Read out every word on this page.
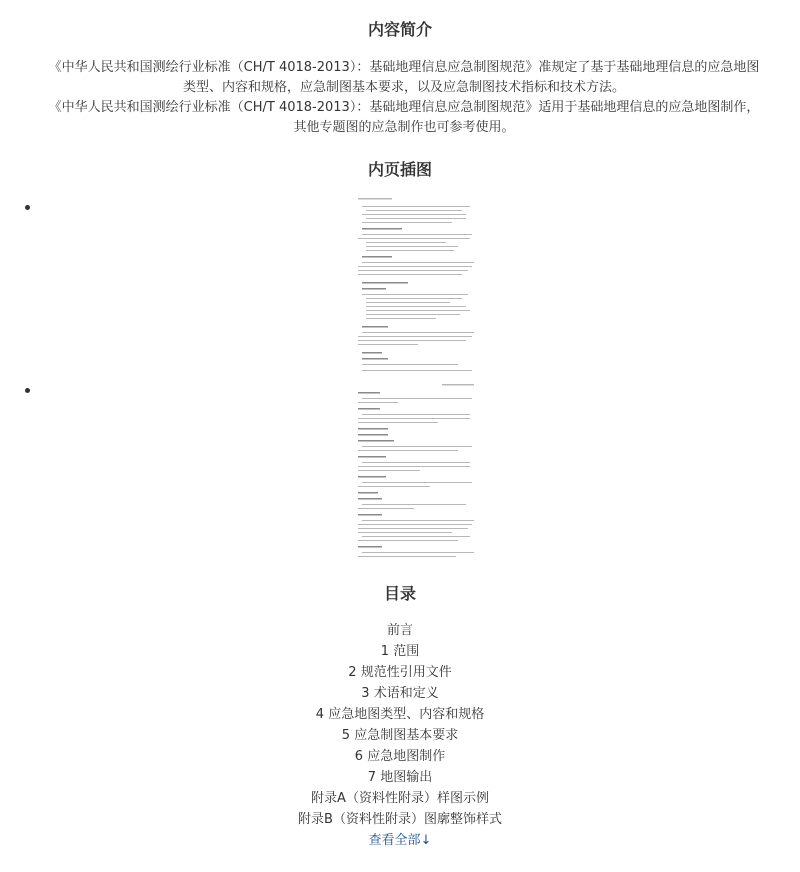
内容简介

《中华人民共和国测绘行业标准（CH/T 4018-2013）：基础地理信息应急制图规范》准规定了基于基础地理信息的应急地图
类型、内容和规格，应急制图基本要求，以及应急制图技术指标和技术方法。

《中华人民共和国测绘行业标准（CH/T 4018-2013）：基础地理信息应急制图规范》适用于基础地理信息的应急地图制作，
其他专题图的应急制作也可参考使用。

内页插图
目录
前言
1 范围
2 规范性引用文件
3 术语和定义
4 应急地图类型、内容和规格
5 应急制图基本要求
6 应急地图制作
7 地图输出
附录A（资料性附录）样图示例
附录B（资料性附录）图廓整饰样式
查看全部↓
